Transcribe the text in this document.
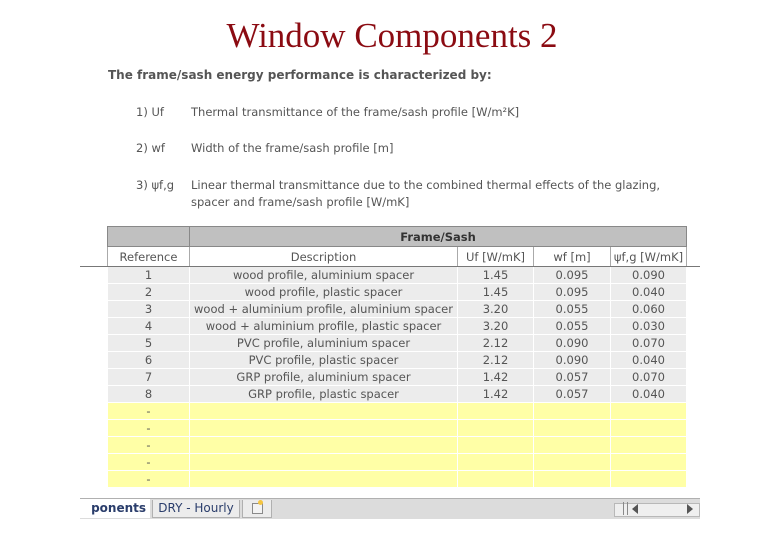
Window Components 2
The frame/sash energy performance is characterized by:
1) Uf Thermal transmittance of the frame/sash profile [W/m²K]
2) wf Width of the frame/sash profile [m]
3) ψf,g Linear thermal transmittance due to the combined thermal effects of the glazing, spacer and frame/sash profile [W/mK]
	Frame/Sash			
Reference	Description	Uf [W/mK]	wf [m]	ψf,g [W/mK]
1	wood profile, aluminium spacer	1.45	0.095	0.090
2	wood profile, plastic spacer	1.45	0.095	0.040
3	wood + aluminium profile, aluminium spacer	3.20	0.055	0.060
4	wood + aluminium profile, plastic spacer	3.20	0.055	0.030
5	PVC profile, aluminium spacer	2.12	0.090	0.070
6	PVC profile, plastic spacer	2.12	0.090	0.040
7	GRP profile, aluminium spacer	1.42	0.057	0.070
8	GRP profile, plastic spacer	1.42	0.057	0.040
-				
-				
-				
-				
-				
ponents	DRY - Hourly
